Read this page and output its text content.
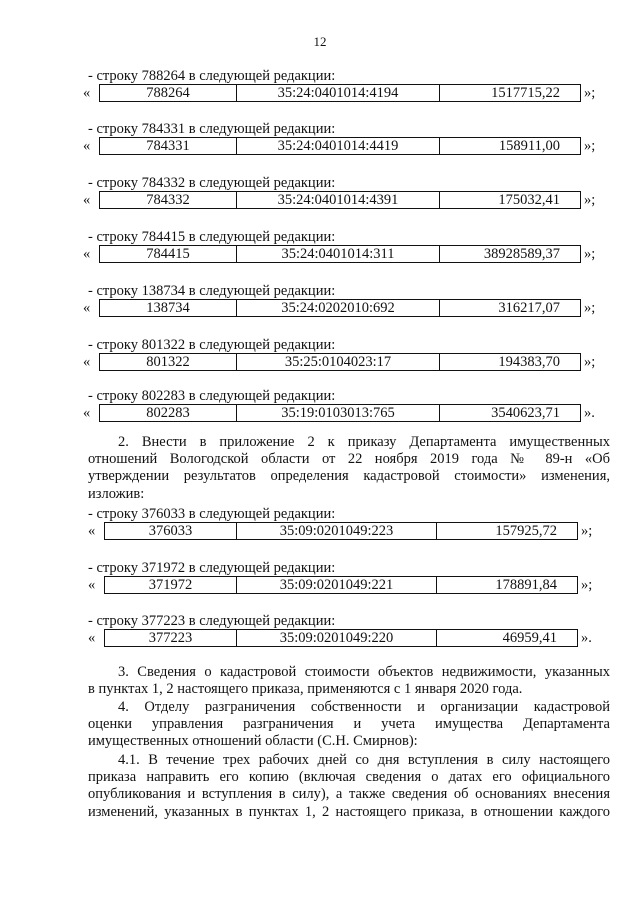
12
- строку 788264 в следующей редакции:
«	788264	35:24:0401014:4194	1517715,22	»;
- строку 784331 в следующей редакции:
«	784331	35:24:0401014:4419	158911,00	»;
- строку 784332 в следующей редакции:
«	784332	35:24:0401014:4391	175032,41	»;
- строку 784415 в следующей редакции:
«	784415	35:24:0401014:311	38928589,37	»;
- строку 138734 в следующей редакции:
«	138734	35:24:0202010:692	316217,07	»;
- строку 801322 в следующей редакции:
«	801322	35:25:0104023:17	194383,70	»;
- строку 802283 в следующей редакции:
«	802283	35:19:0103013:765	3540623,71	».
2. Внести в приложение 2 к приказу Департамента имущественных
отношений Вологодской области от 22 ноября 2019 года № 89-н «Об
утверждении результатов определения кадастровой стоимости» изменения,
изложив:
- строку 376033 в следующей редакции:
«	376033	35:09:0201049:223	157925,72	»;
- строку 371972 в следующей редакции:
«	371972	35:09:0201049:221	178891,84	»;
- строку 377223 в следующей редакции:
«	377223	35:09:0201049:220	46959,41	».
3. Сведения о кадастровой стоимости объектов недвижимости, указанных
в пунктах 1, 2 настоящего приказа, применяются с 1 января 2020 года.
4. Отделу разграничения собственности и организации кадастровой
оценки управления разграничения и учета имущества Департамента
имущественных отношений области (С.Н. Смирнов):
4.1. В течение трех рабочих дней со дня вступления в силу настоящего
приказа направить его копию (включая сведения о датах его официального
опубликования и вступления в силу), а также сведения об основаниях внесения
изменений, указанных в пунктах 1, 2 настоящего приказа, в отношении каждого
